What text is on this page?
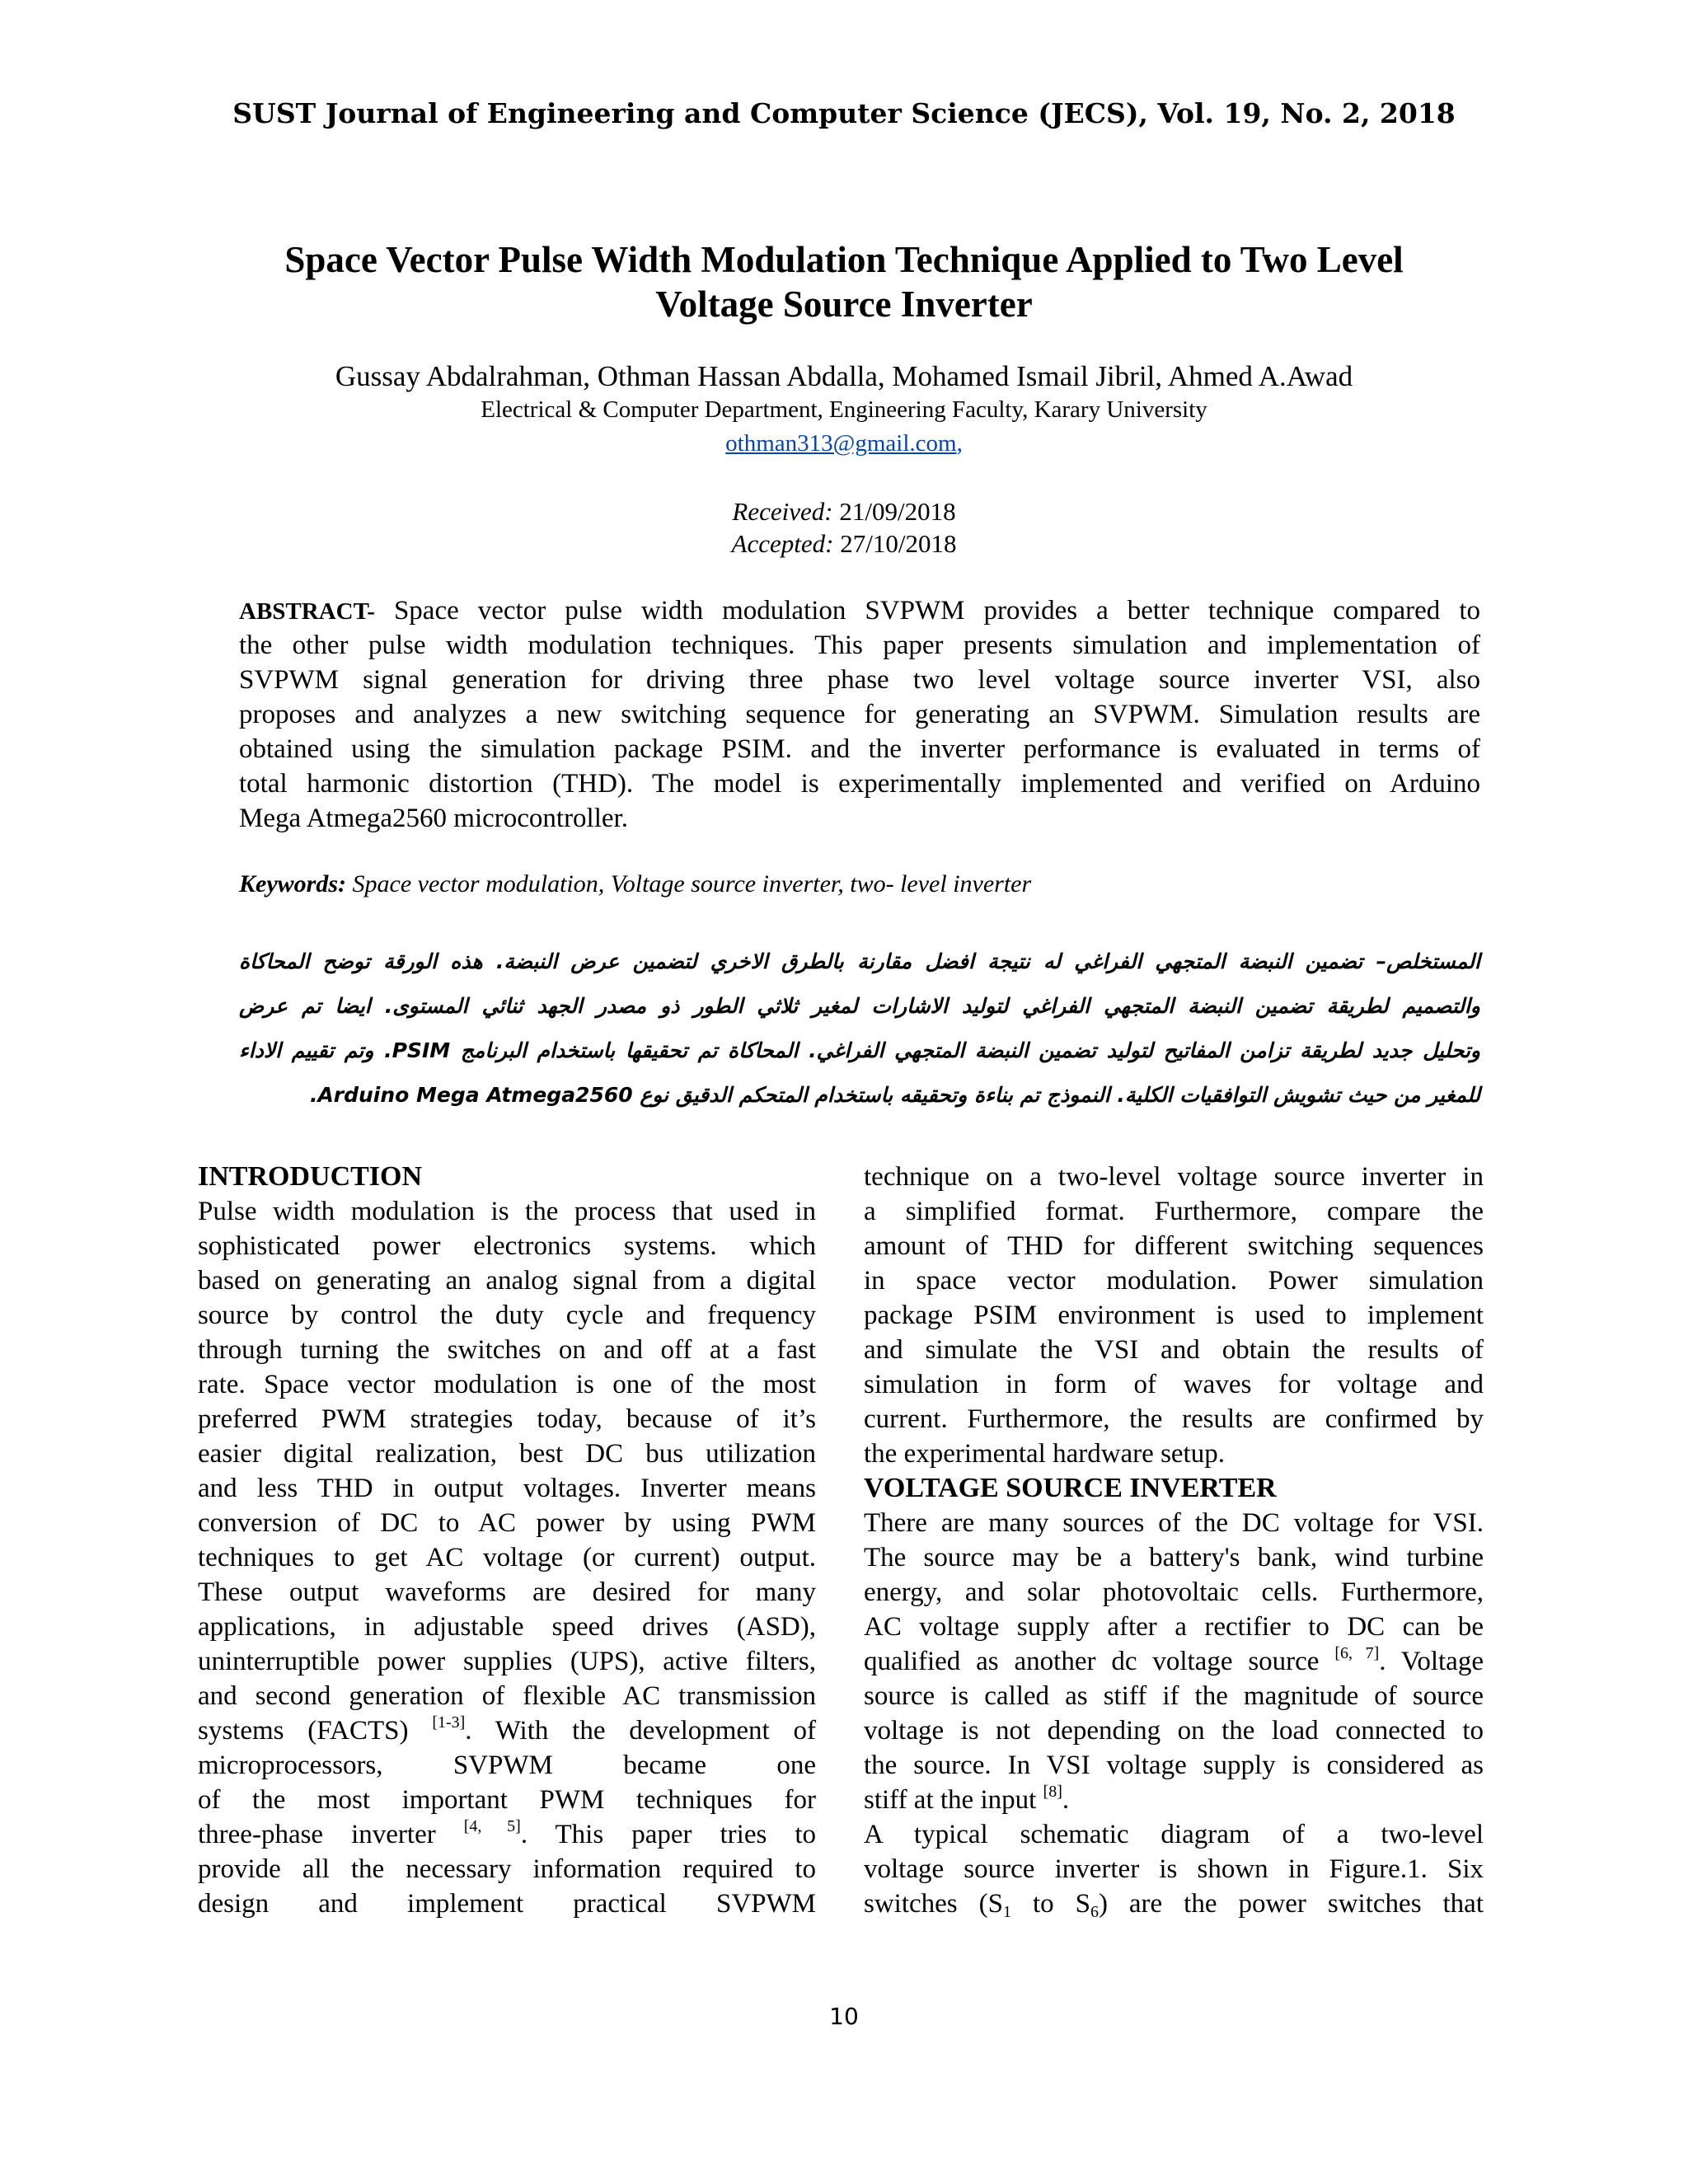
SUST Journal of Engineering and Computer Science (JECS), Vol. 19, No. 2, 2018
Space Vector Pulse Width Modulation Technique Applied to Two Level
Voltage Source Inverter
Gussay Abdalrahman, Othman Hassan Abdalla, Mohamed Ismail Jibril, Ahmed A.Awad
Electrical & Computer Department, Engineering Faculty, Karary University
othman313@gmail.com,
Received: 21/09/2018
Accepted: 27/10/2018
ABSTRACT- Space vector pulse width modulation SVPWM provides a better technique compared to
the other pulse width modulation techniques. This paper presents simulation and implementation of
SVPWM signal generation for driving three phase two level voltage source inverter VSI, also
proposes and analyzes a new switching sequence for generating an SVPWM. Simulation results are
obtained using the simulation package PSIM. and the inverter performance is evaluated in terms of
total harmonic distortion (THD). The model is experimentally implemented and verified on Arduino
Mega Atmega2560 microcontroller.
Keywords: Space vector modulation, Voltage source inverter, two- level inverter
المستخلص– تضمين النبضة المتجهي الفراغي له نتيجة افضل مقارنة بالطرق الاخري لتضمين عرض النبضة. هذه الورقة توضح المحاكاة
والتصميم لطريقة تضمين النبضة المتجهي الفراغي لتوليد الاشارات لمغير ثلاثي الطور ذو مصدر الجهد ثنائي المستوى. ايضا تم عرض
وتحليل جديد لطريقة تزامن المفاتيح لتوليد تضمين النبضة المتجهي الفراغي. المحاكاة تم تحقيقها باستخدام البرنامج PSIM. وتم تقييم الاداء
للمغير من حيث تشويش التوافقيات الكلية. النموذج تم بناءة وتحقيقه باستخدام المتحكم الدقيق نوع Arduino Mega Atmega2560.
INTRODUCTION
Pulse width modulation is the process that used in
sophisticated power electronics systems. which
based on generating an analog signal from a digital
source by control the duty cycle and frequency
through turning the switches on and off at a fast
rate. Space vector modulation is one of the most
preferred PWM strategies today, because of it’s
easier digital realization, best DC bus utilization
and less THD in output voltages. Inverter means
conversion of DC to AC power by using PWM
techniques to get AC voltage (or current) output.
These output waveforms are desired for many
applications, in adjustable speed drives (ASD),
uninterruptible power supplies (UPS), active filters,
and second generation of flexible AC transmission
systems (FACTS) [1-3]. With the development of
microprocessors, SVPWM became one
of the most important PWM techniques for
three-phase inverter [4, 5]. This paper tries to
provide all the necessary information required to
design and implement practical SVPWM
technique on a two-level voltage source inverter in
a simplified format. Furthermore, compare the
amount of THD for different switching sequences
in space vector modulation. Power simulation
package PSIM environment is used to implement
and simulate the VSI and obtain the results of
simulation in form of waves for voltage and
current. Furthermore, the results are confirmed by
the experimental hardware setup.
VOLTAGE SOURCE INVERTER
There are many sources of the DC voltage for VSI.
The source may be a battery's bank, wind turbine
energy, and solar photovoltaic cells. Furthermore,
AC voltage supply after a rectifier to DC can be
qualified as another dc voltage source [6, 7]. Voltage
source is called as stiff if the magnitude of source
voltage is not depending on the load connected to
the source. In VSI voltage supply is considered as
stiff at the input [8].
A typical schematic diagram of a two-level
voltage source inverter is shown in Figure.1. Six
switches ($S_1$ to $S_6$) are the power switches that
10
